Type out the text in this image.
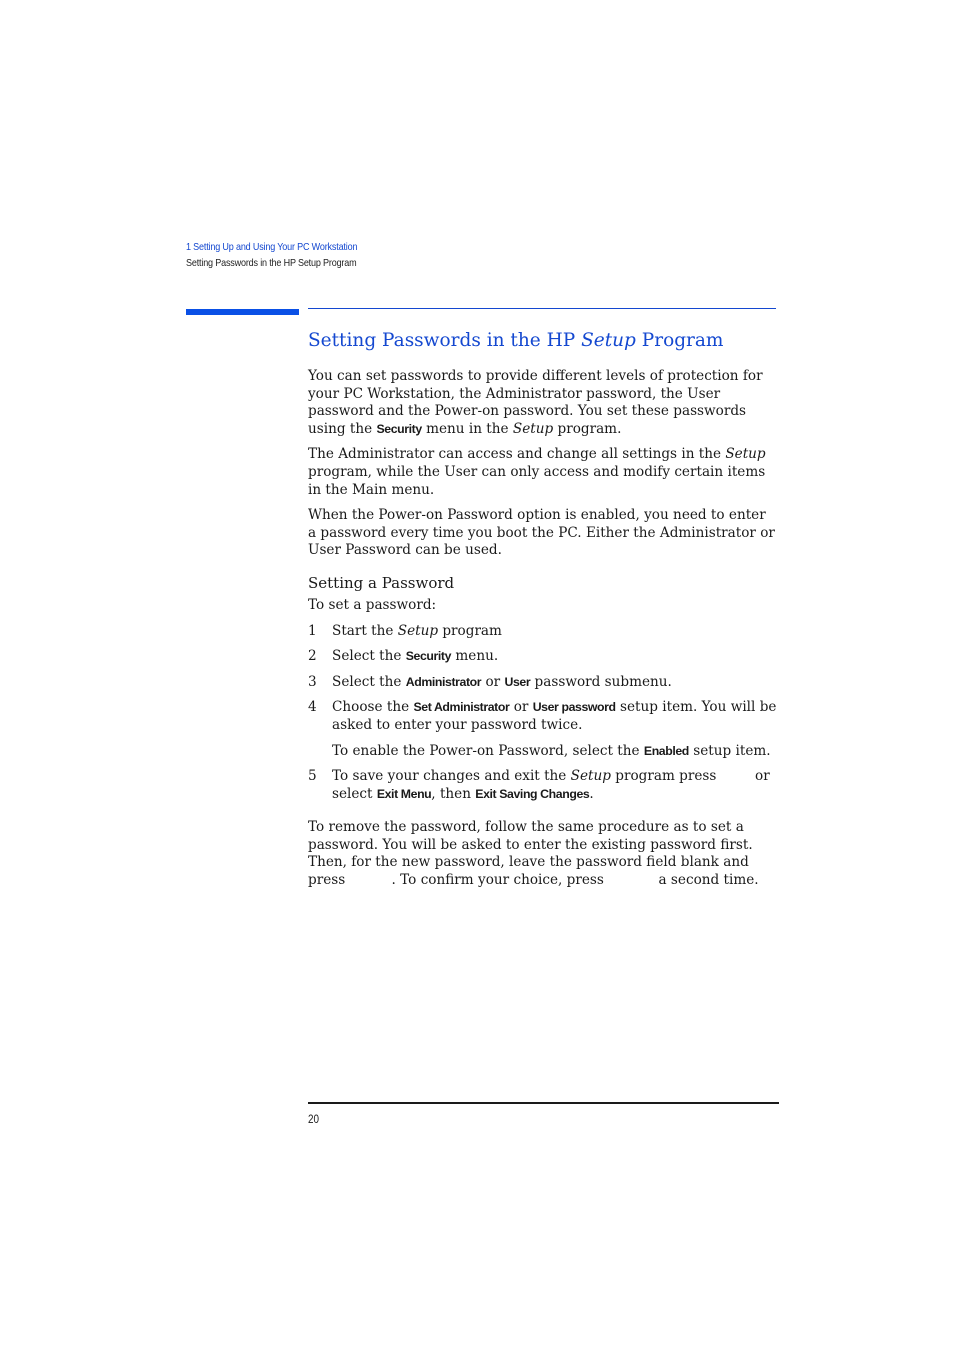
1 Setting Up and Using Your PC Workstation
Setting Passwords in the HP Setup Program
Setting Passwords in the HP Setup Program

You can set passwords to provide different levels of protection for your PC Workstation, the Administrator password, the User password and the Power-on password. You set these passwords using the Security menu in the Setup program.

The Administrator can access and change all settings in the Setup program, while the User can only access and modify certain items in the Main menu.

When the Power-on Password option is enabled, you need to enter a password every time you boot the PC. Either the Administrator or User Password can be used.

Setting a Password

To set a password:

1 Start the Setup program
2 Select the Security menu.
3 Select the Administrator or User password submenu.
4 Choose the Set Administrator or User password setup item. You will be asked to enter your password twice.

To enable the Power-on Password, select the Enabled setup item.

5 To save your changes and exit the Setup program press  or select Exit Menu, then Exit Saving Changes.

To remove the password, follow the same procedure as to set a password. You will be asked to enter the existing password first. Then, for the new password, leave the password field blank and press	. To confirm your choice, press	a second time.

20
